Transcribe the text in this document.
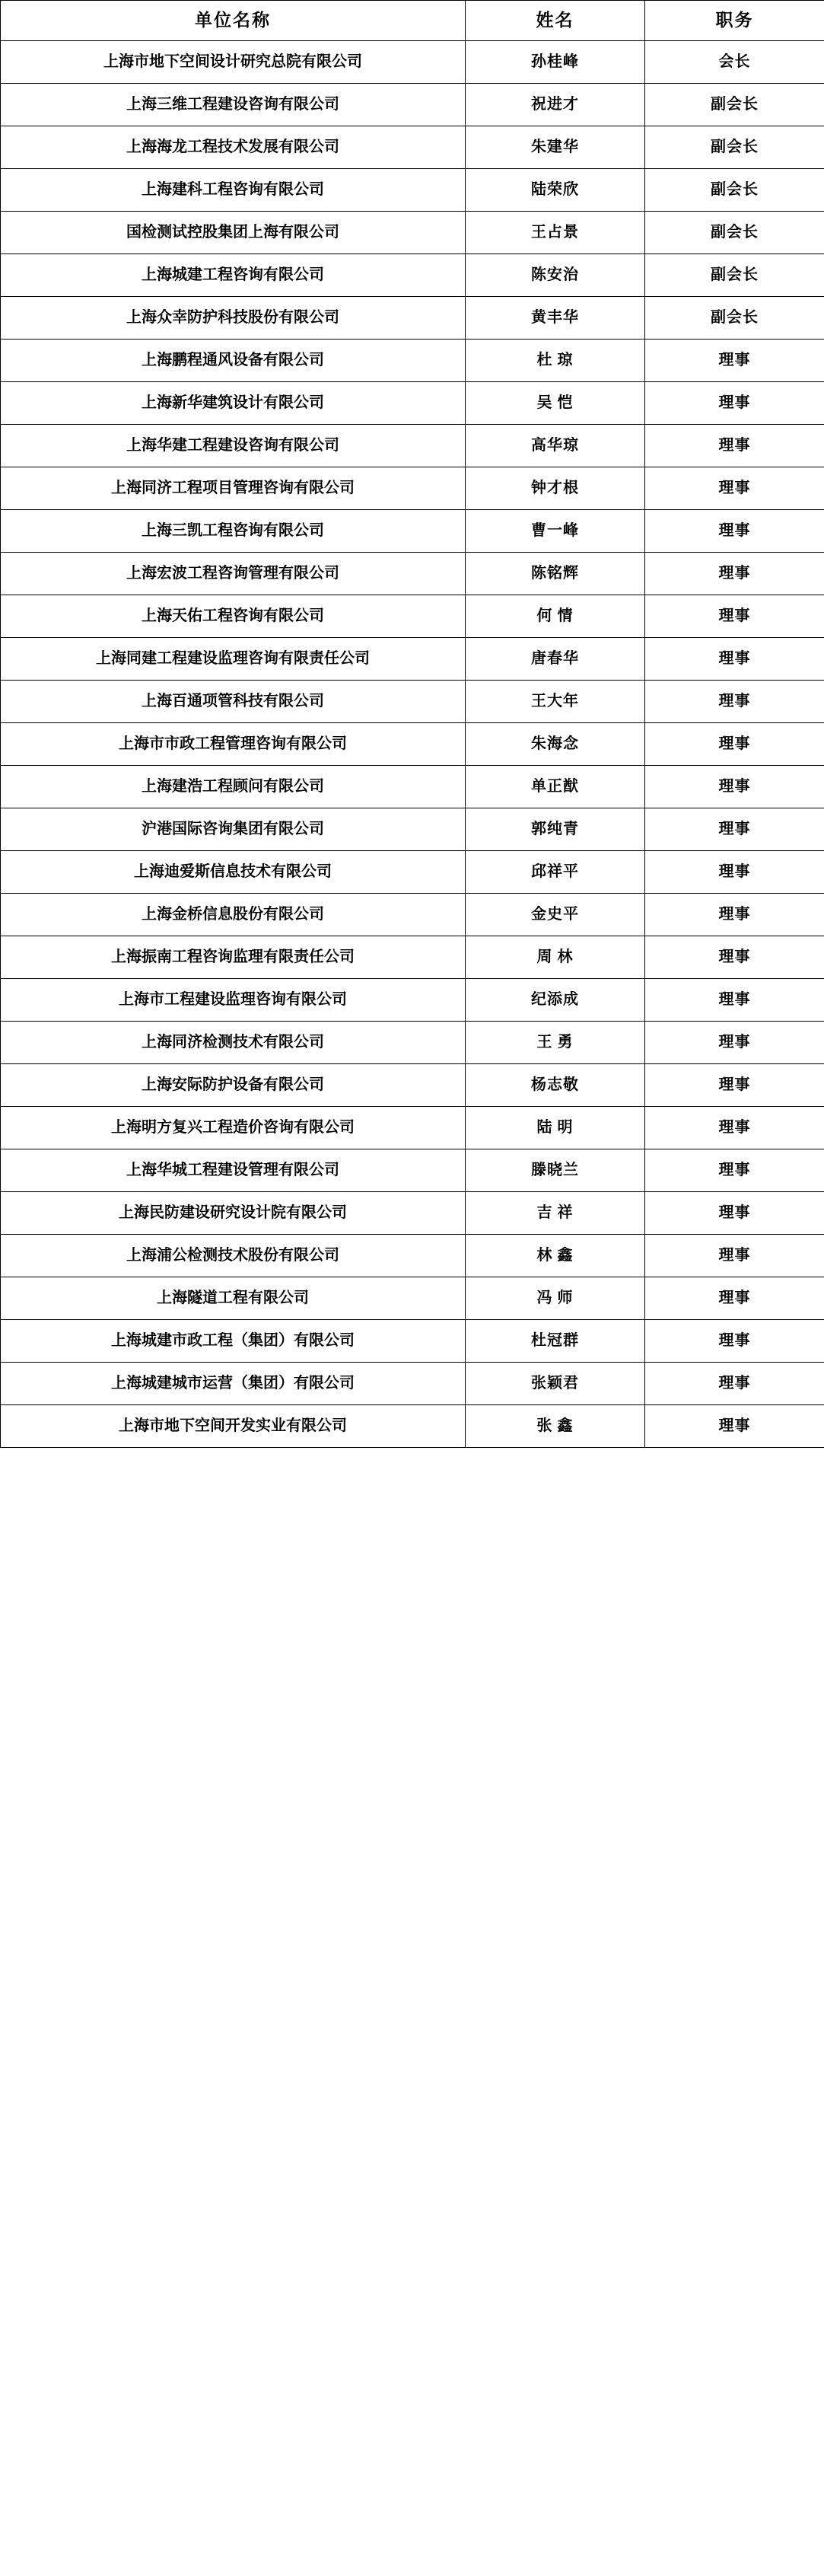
单位名称	姓名	职务
上海市地下空间设计研究总院有限公司	孙桂峰	会长
上海三维工程建设咨询有限公司	祝进才	副会长
上海海龙工程技术发展有限公司	朱建华	副会长
上海建科工程咨询有限公司	陆荣欣	副会长
国检测试控股集团上海有限公司	王占景	副会长
上海城建工程咨询有限公司	陈安治	副会长
上海众幸防护科技股份有限公司	黄丰华	副会长
上海鹏程通风设备有限公司	杜 琼	理事
上海新华建筑设计有限公司	吴 恺	理事
上海华建工程建设咨询有限公司	高华琼	理事
上海同济工程项目管理咨询有限公司	钟才根	理事
上海三凯工程咨询有限公司	曹一峰	理事
上海宏波工程咨询管理有限公司	陈铭辉	理事
上海天佑工程咨询有限公司	何 情	理事
上海同建工程建设监理咨询有限责任公司	唐春华	理事
上海百通项管科技有限公司	王大年	理事
上海市市政工程管理咨询有限公司	朱海念	理事
上海建浩工程顾问有限公司	单正猷	理事
沪港国际咨询集团有限公司	郭纯青	理事
上海迪爱斯信息技术有限公司	邱祥平	理事
上海金桥信息股份有限公司	金史平	理事
上海振南工程咨询监理有限责任公司	周 林	理事
上海市工程建设监理咨询有限公司	纪添成	理事
上海同济检测技术有限公司	王 勇	理事
上海安际防护设备有限公司	杨志敬	理事
上海明方复兴工程造价咨询有限公司	陆 明	理事
上海华城工程建设管理有限公司	滕晓兰	理事
上海民防建设研究设计院有限公司	吉 祥	理事
上海浦公检测技术股份有限公司	林 鑫	理事
上海隧道工程有限公司	冯 师	理事
上海城建市政工程（集团）有限公司	杜冠群	理事
上海城建城市运营（集团）有限公司	张颖君	理事
上海市地下空间开发实业有限公司	张 鑫	理事
